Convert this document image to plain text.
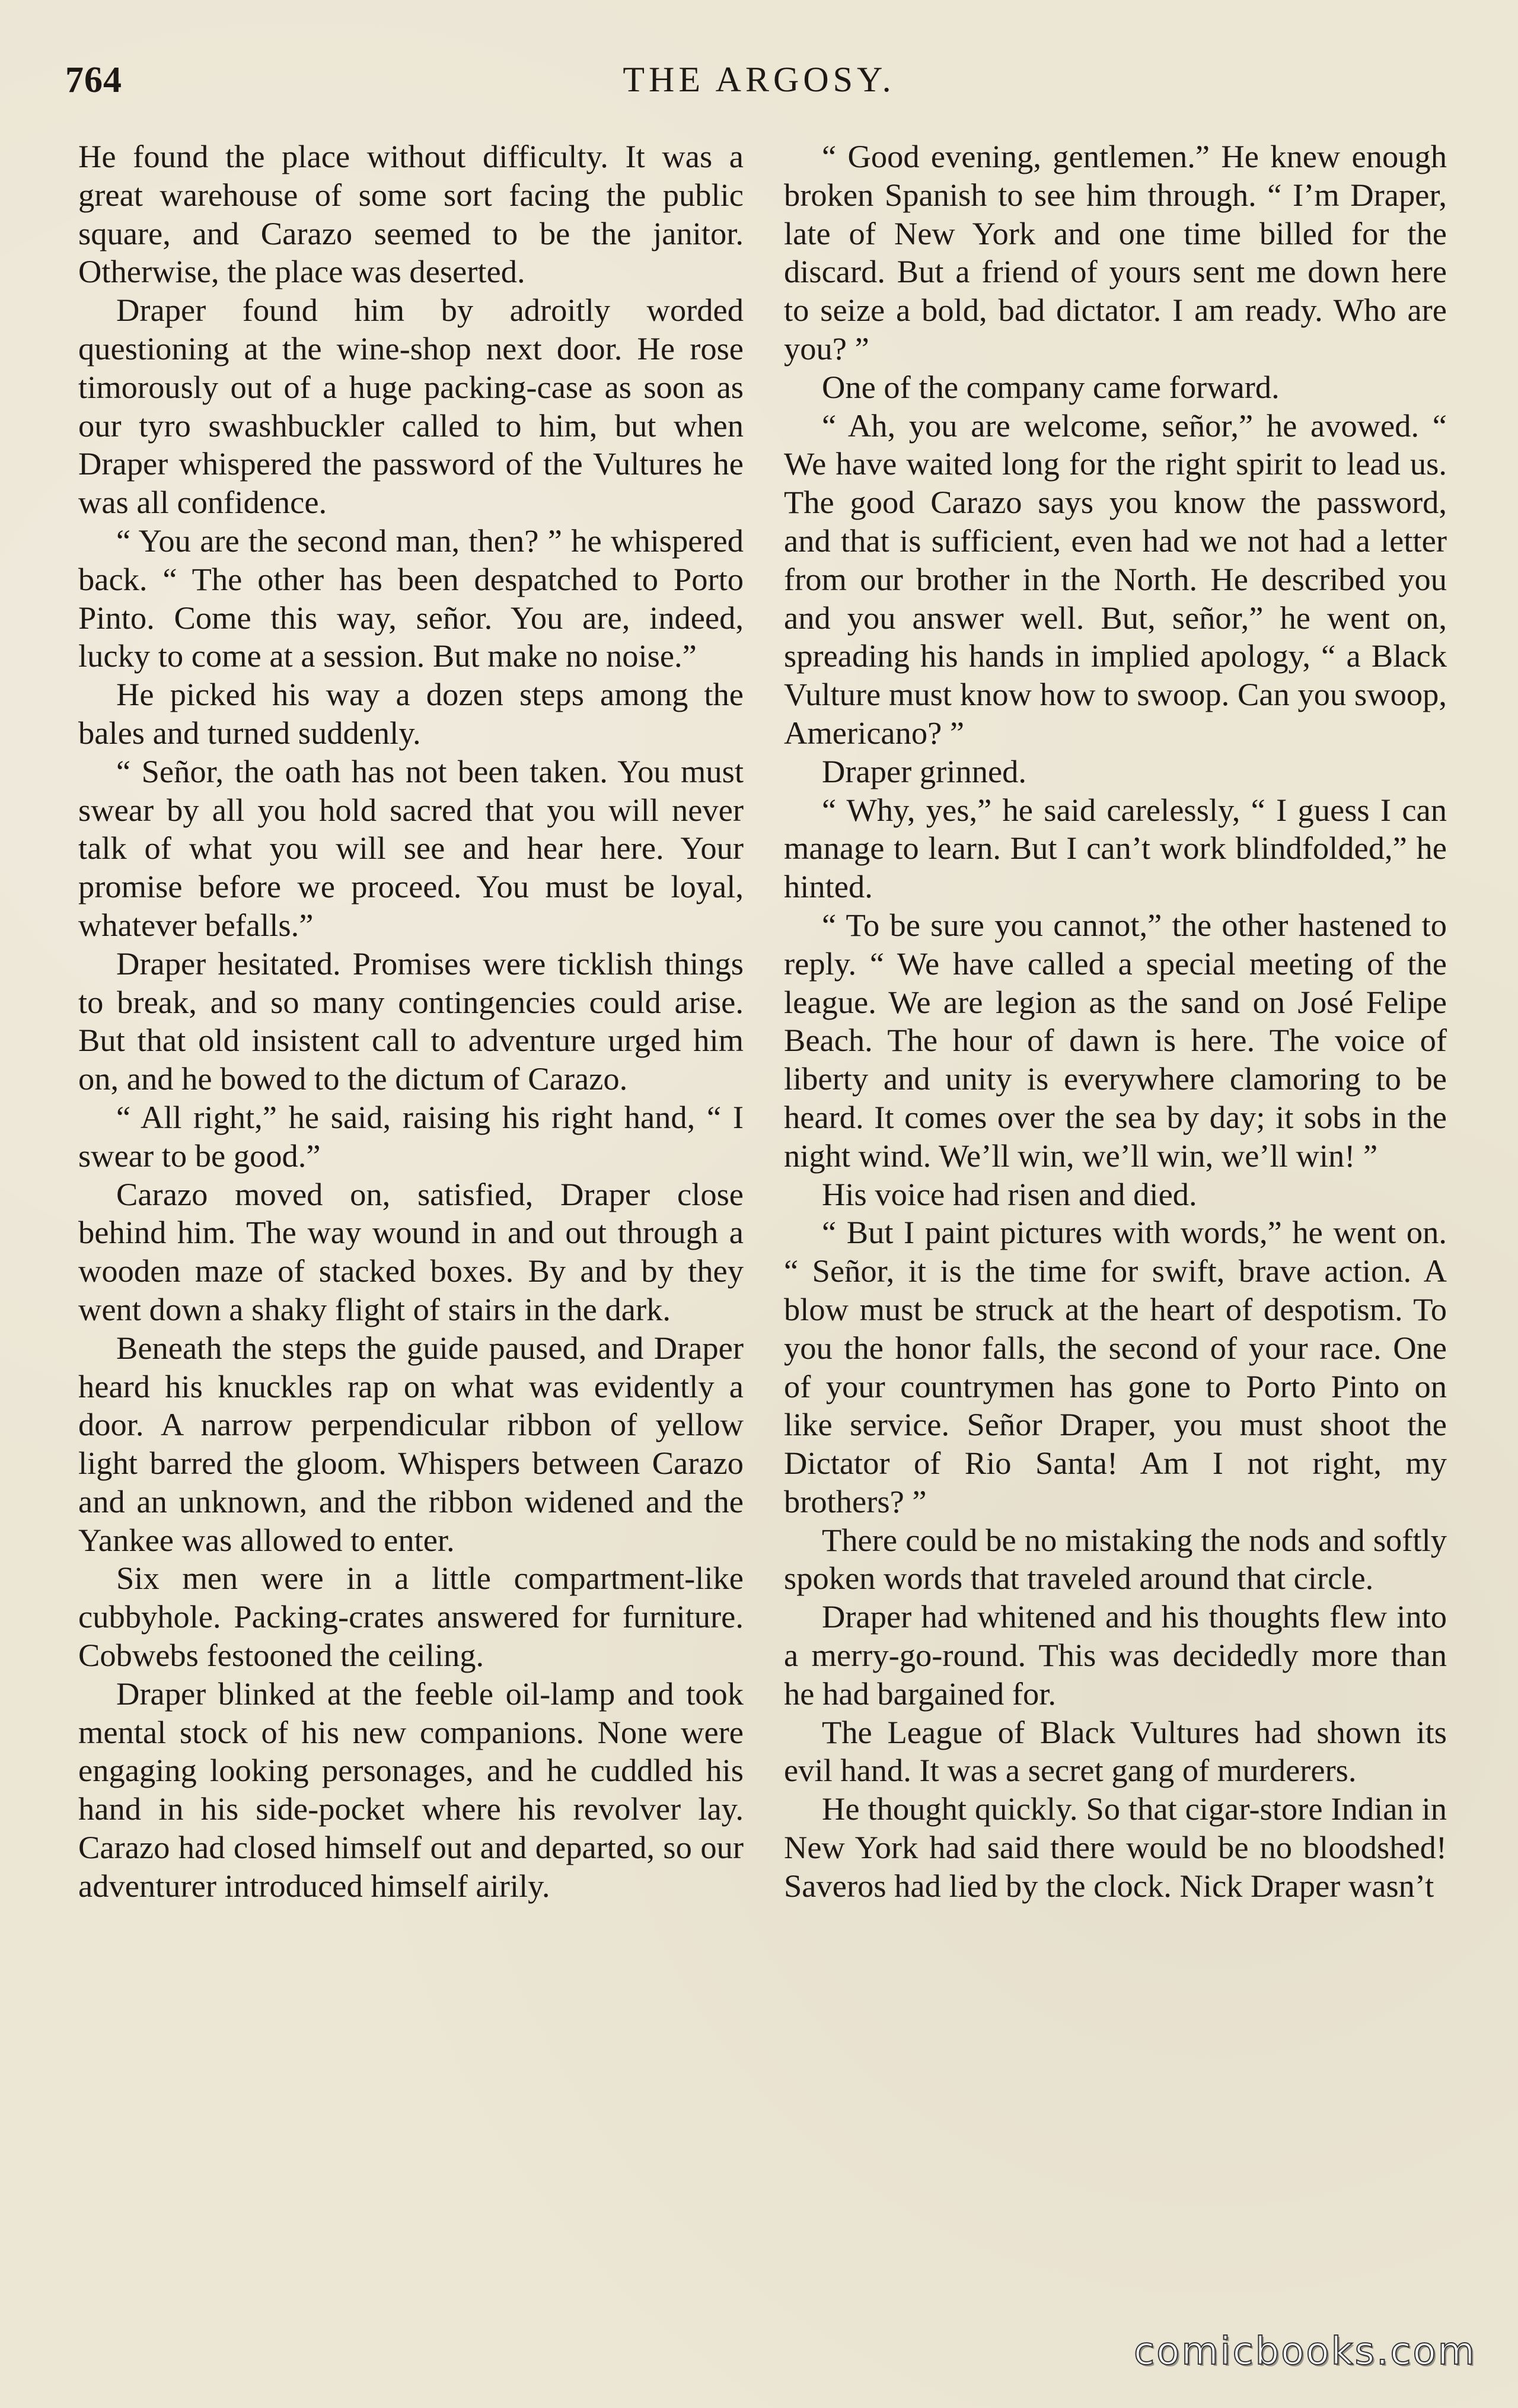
764	THE ARGOSY.

He found the place without difficulty. It was a great warehouse of some sort facing the public square, and Carazo seemed to be the janitor. Otherwise, the place was deserted.

Draper found him by adroitly worded questioning at the wine-shop next door. He rose timorously out of a huge packing-case as soon as our tyro swashbuckler called to him, but when Draper whispered the password of the Vultures he was all confidence.

“ You are the second man, then? ” he whispered back. “ The other has been despatched to Porto Pinto. Come this way, señor. You are, indeed, lucky to come at a session. But make no noise.”

He picked his way a dozen steps among the bales and turned suddenly.

“ Señor, the oath has not been taken. You must swear by all you hold sacred that you will never talk of what you will see and hear here. Your promise before we proceed. You must be loyal, whatever befalls.”

Draper hesitated. Promises were ticklish things to break, and so many contingencies could arise. But that old insistent call to adventure urged him on, and he bowed to the dictum of Carazo.

“ All right,” he said, raising his right hand, “ I swear to be good.”

Carazo moved on, satisfied, Draper close behind him. The way wound in and out through a wooden maze of stacked boxes. By and by they went down a shaky flight of stairs in the dark.

Beneath the steps the guide paused, and Draper heard his knuckles rap on what was evidently a door. A narrow perpendicular ribbon of yellow light barred the gloom. Whispers between Carazo and an unknown, and the ribbon widened and the Yankee was allowed to enter.

Six men were in a little compartment-like cubbyhole. Packing-crates answered for furniture. Cobwebs festooned the ceiling.

Draper blinked at the feeble oil-lamp and took mental stock of his new companions. None were engaging looking personages, and he cuddled his hand in his side-pocket where his revolver lay. Carazo had closed himself out and departed, so our adventurer introduced himself airily.

“ Good evening, gentlemen.” He knew enough broken Spanish to see him through. “ I’m Draper, late of New York and one time billed for the discard. But a friend of yours sent me down here to seize a bold, bad dictator. I am ready. Who are you? ”

One of the company came forward.

“ Ah, you are welcome, señor,” he avowed. “ We have waited long for the right spirit to lead us. The good Carazo says you know the password, and that is sufficient, even had we not had a letter from our brother in the North. He described you and you answer well. But, señor,” he went on, spreading his hands in implied apology, “ a Black Vulture must know how to swoop. Can you swoop, Americano? ”

Draper grinned.

“ Why, yes,” he said carelessly, “ I guess I can manage to learn. But I can’t work blindfolded,” he hinted.

“ To be sure you cannot,” the other hastened to reply. “ We have called a special meeting of the league. We are legion as the sand on José Felipe Beach. The hour of dawn is here. The voice of liberty and unity is everywhere clamoring to be heard. It comes over the sea by day; it sobs in the night wind. We’ll win, we’ll win, we’ll win! ”

His voice had risen and died.

“ But I paint pictures with words,” he went on. “ Señor, it is the time for swift, brave action. A blow must be struck at the heart of despotism. To you the honor falls, the second of your race. One of your countrymen has gone to Porto Pinto on like service. Señor Draper, you must shoot the Dictator of Rio Santa! Am I not right, my brothers? ”

There could be no mistaking the nods and softly spoken words that traveled around that circle.

Draper had whitened and his thoughts flew into a merry-go-round. This was decidedly more than he had bargained for.

The League of Black Vultures had shown its evil hand. It was a secret gang of murderers.

He thought quickly. So that cigar-store Indian in New York had said there would be no bloodshed! Saveros had lied by the clock. Nick Draper wasn’t

comicbooks.com
